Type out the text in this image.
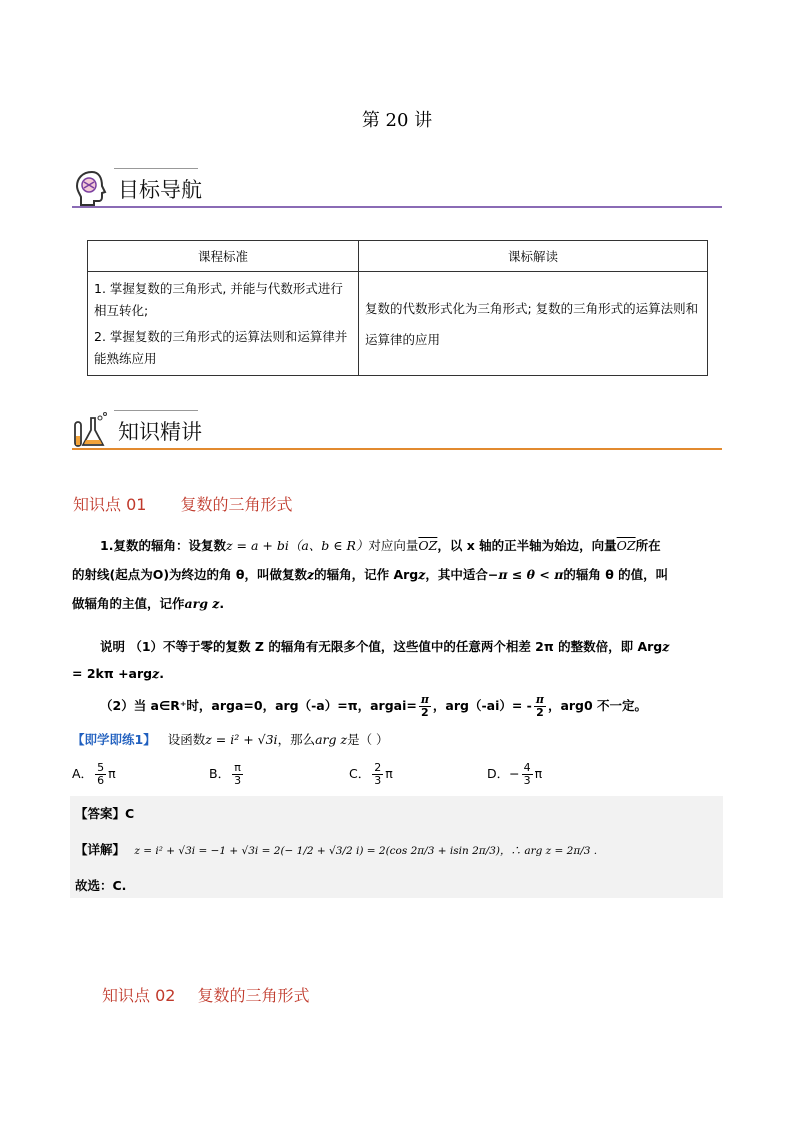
第 20 讲
目标导航
课程标准	课标解读

1. 掌握复数的三角形式, 并能与代数形式进行相互转化;
2. 掌握复数的三角形式的运算法则和运算律并能熟练应用	复数的代数形式化为三角形式; 复数的三角形式的运算法则和运算律的应用
知识精讲
知识点 01 复数的三角形式
1.复数的辐角：设复数z = a + bi（a、b ∈ R）对应向量$\overline{OZ}$，以 x 轴的正半轴为始边，向量$\overline{OZ}$所在
的射线(起点为O)为终边的角 θ，叫做复数z的辐角，记作 Argz，其中适合−π ≤ θ < π的辐角 θ 的值，叫
做辐角的主值，记作arg z.
说明 （1）不等于零的复数 Z 的辐角有无限多个值，这些值中的任意两个相差 2π 的整数倍，即 Argz
= 2kπ +argz.
（2）当 a∈R⁺时，arga=0，arg（-a）=π，argai= $\frac{\pi}{2}$ ，$arg(-ai)= - \frac{\pi}{2}$ ，arg0 不一定。
【即学即练1】 设函数z = i² + √3i，那么arg z是（ ）
A． $\frac{5}{6}$ π	B． $\frac{\pi}{3}$	C． $\frac{2}{3}$ π	D．− $\frac{4}{3}$ π
【答案】C
【详解】 z = i² + √3i = −1 + √3i = 2(− 1/2 + √3/2 i) = 2(cos 2π/3 + isin 2π/3)，∴ arg z = 2π/3 .
故选：C.
知识点 02 复数的三角形式
